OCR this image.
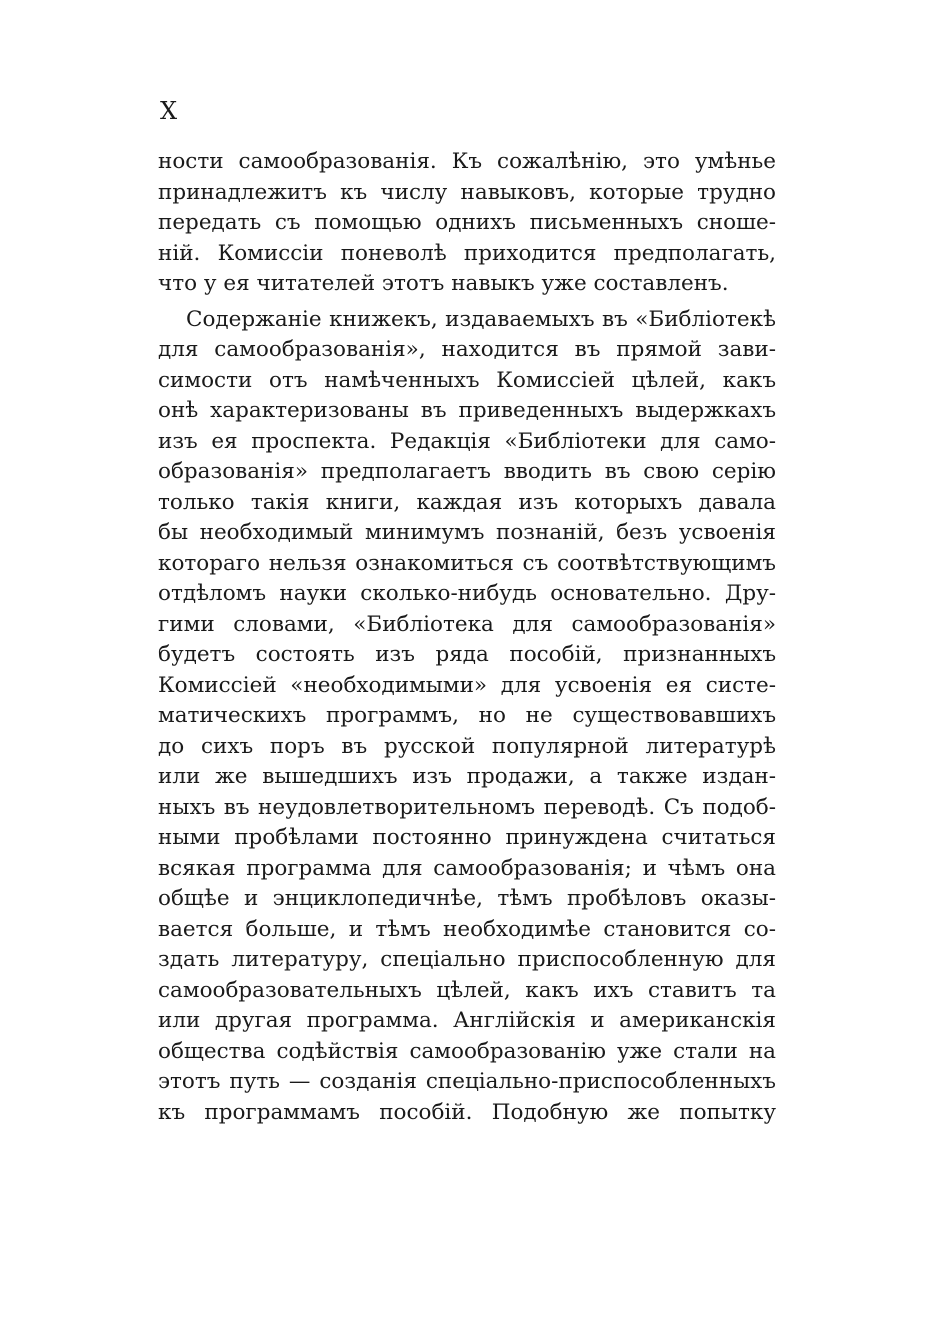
X
ности самообразованія. Къ сожалѣнію, это умѣнье
принадлежитъ къ числу навыковъ, которые трудно
передать съ помощью однихъ письменныхъ сноше-
ній. Комиссіи поневолѣ приходится предполагать,
что у ея читателей этотъ навыкъ уже составленъ.
Содержаніе книжекъ, издаваемыхъ въ «Библіотекѣ
для самообразованія», находится въ прямой зави-
симости отъ намѣченныхъ Комиссіей цѣлей, какъ
онѣ характеризованы въ приведенныхъ выдержкахъ
изъ ея проспекта. Редакція «Библіотеки для само-
образованія» предполагаетъ вводить въ свою серію
только такія книги, каждая изъ которыхъ давала
бы необходимый минимумъ познаній, безъ усвоенія
котораго нельзя ознакомиться съ соотвѣтствующимъ
отдѣломъ науки сколько-нибудь основательно. Дру-
гими словами, «Библіотека для самообразованія»
будетъ состоять изъ ряда пособій, признанныхъ
Комиссіей «необходимыми» для усвоенія ея систе-
матическихъ программъ, но не существовавшихъ
до сихъ поръ въ русской популярной литературѣ
или же вышедшихъ изъ продажи, а также издан-
ныхъ въ неудовлетворительномъ переводѣ. Съ подоб-
ными пробѣлами постоянно принуждена считаться
всякая программа для самообразованія; и чѣмъ она
общѣе и энциклопедичнѣе, тѣмъ пробѣловъ оказы-
вается больше, и тѣмъ необходимѣе становится со-
здать литературу, спеціально приспособленную для
самообразовательныхъ цѣлей, какъ ихъ ставитъ та
или другая программа. Англійскія и американскія
общества содѣйствія самообразованію уже стали на
этотъ путь — созданія спеціально-приспособленныхъ
къ программамъ пособій. Подобную же попытку
